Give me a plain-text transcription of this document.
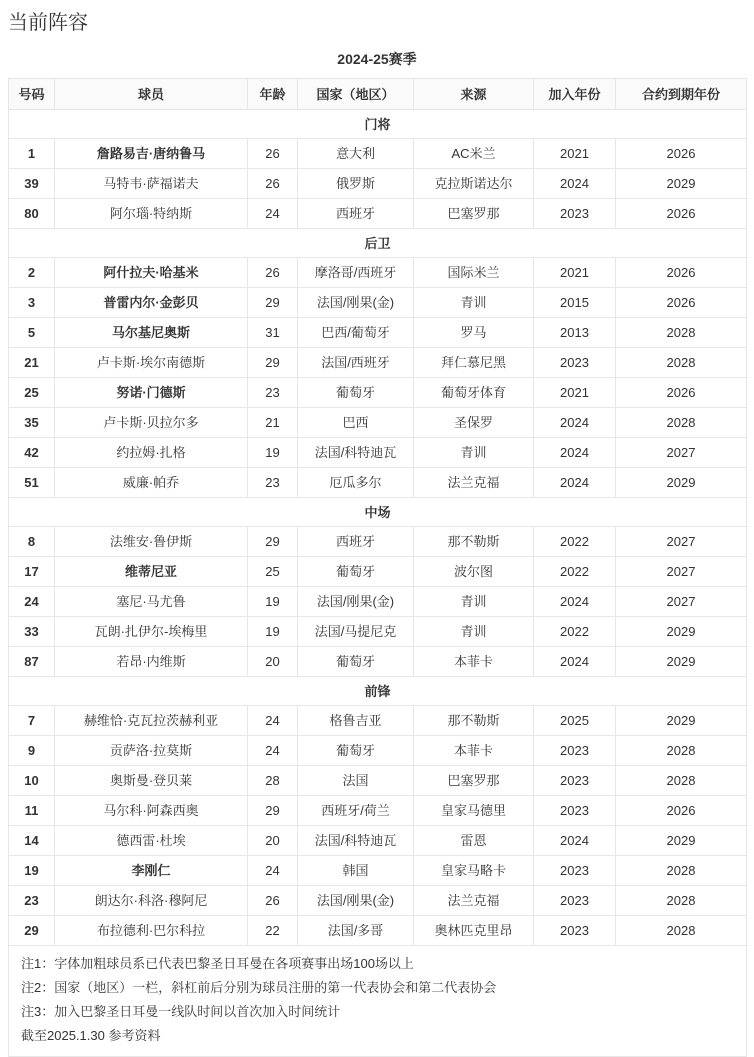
当前阵容
2024-25赛季
号码	球员	年龄	国家（地区）	来源	加入年份	合约到期年份
门将						
1	詹路易吉·唐纳鲁马	26	意大利	AC米兰	2021	2026
39	马特韦·萨福诺夫	26	俄罗斯	克拉斯诺达尔	2024	2029
80	阿尔瑙·特纳斯	24	西班牙	巴塞罗那	2023	2026
后卫						
2	阿什拉夫·哈基米	26	摩洛哥/西班牙	国际米兰	2021	2026
3	普雷内尔·金彭贝	29	法国/刚果(金)	青训	2015	2026
5	马尔基尼奥斯	31	巴西/葡萄牙	罗马	2013	2028
21	卢卡斯·埃尔南德斯	29	法国/西班牙	拜仁慕尼黑	2023	2028
25	努诺·门德斯	23	葡萄牙	葡萄牙体育	2021	2026
35	卢卡斯·贝拉尔多	21	巴西	圣保罗	2024	2028
42	约拉姆·扎格	19	法国/科特迪瓦	青训	2024	2027
51	威廉·帕乔	23	厄瓜多尔	法兰克福	2024	2029
中场						
8	法维安·鲁伊斯	29	西班牙	那不勒斯	2022	2027
17	维蒂尼亚	25	葡萄牙	波尔图	2022	2027
24	塞尼·马尤鲁	19	法国/刚果(金)	青训	2024	2027
33	瓦朗·扎伊尔-埃梅里	19	法国/马提尼克	青训	2022	2029
87	若昂·内维斯	20	葡萄牙	本菲卡	2024	2029
前锋						
7	赫维恰·克瓦拉茨赫利亚	24	格鲁吉亚	那不勒斯	2025	2029
9	贡萨洛·拉莫斯	24	葡萄牙	本菲卡	2023	2028
10	奥斯曼·登贝莱	28	法国	巴塞罗那	2023	2028
11	马尔科·阿森西奥	29	西班牙/荷兰	皇家马德里	2023	2026
14	德西雷·杜埃	20	法国/科特迪瓦	雷恩	2024	2029
19	李刚仁	24	韩国	皇家马略卡	2023	2028
23	朗达尔·科洛·穆阿尼	26	法国/刚果(金)	法兰克福	2023	2028
29	布拉德利·巴尔科拉	22	法国/多哥	奥林匹克里昂	2023	2028

注1：字体加粗球员系已代表巴黎圣日耳曼在各项赛事出场100场以上
注2：国家（地区）一栏，斜杠前后分别为球员注册的第一代表协会和第二代表协会
注3：加入巴黎圣日耳曼一线队时间以首次加入时间统计
截至2025.1.30 参考资料						
